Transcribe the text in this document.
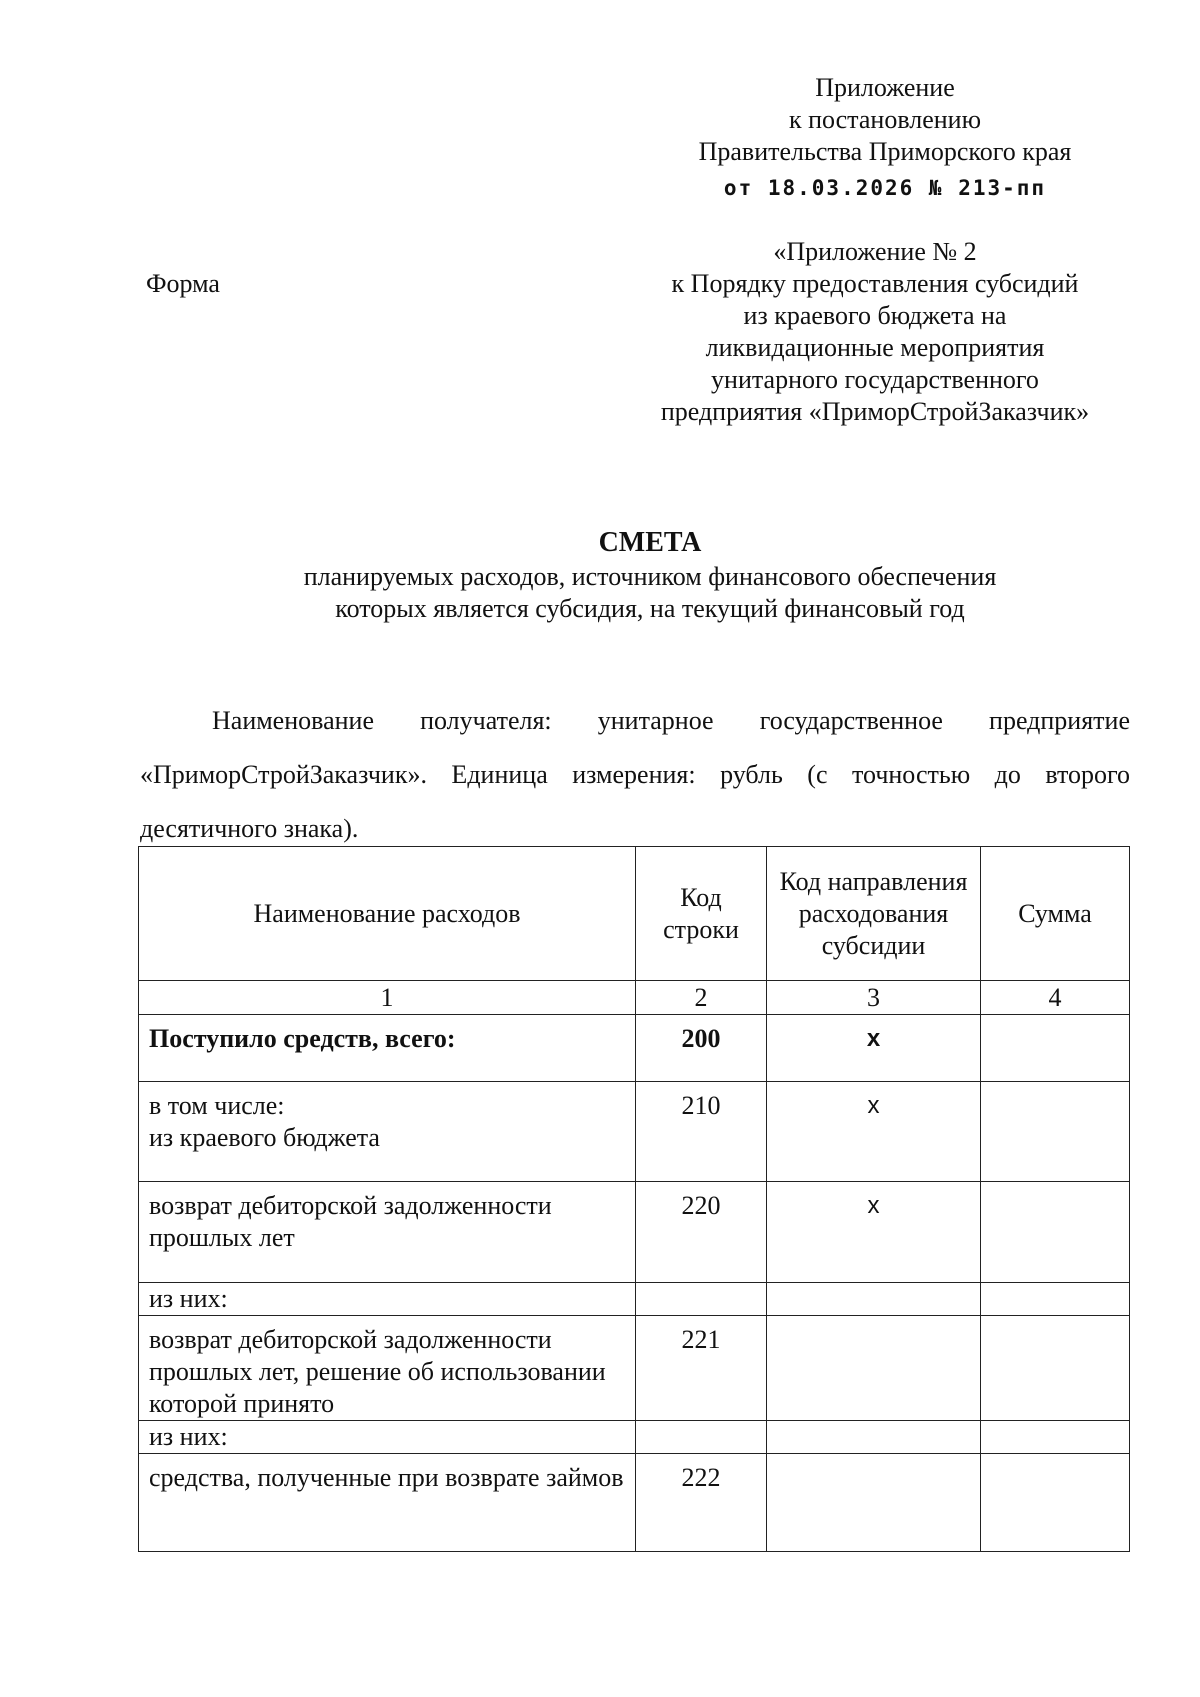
Приложение
к постановлению
Правительства Приморского края
от 18.03.2026 № 213-пп
Форма
«Приложение № 2
к Порядку предоставления субсидий
из краевого бюджета на
ликвидационные мероприятия
унитарного государственного
предприятия «ПриморСтройЗаказчик»
СМЕТА
планируемых расходов, источником финансового обеспечения
которых является субсидия, на текущий финансовый год
Наименование получателя: унитарное государственное предприятие «ПриморСтройЗаказчик». Единица измерения: рубль (с точностью до второго десятичного знака).
Наименование расходов	Код строки	Код направления расходования субсидии	Сумма
1	2	3	4
Поступило средств, всего:	200	x	
в том числе:
из краевого бюджета	210	x	
возврат дебиторской задолженности прошлых лет	220	x	
из них:			
возврат дебиторской задолженности прошлых лет, решение об использовании которой принято	221		
из них:			
средства, полученные при возврате займов	222		
